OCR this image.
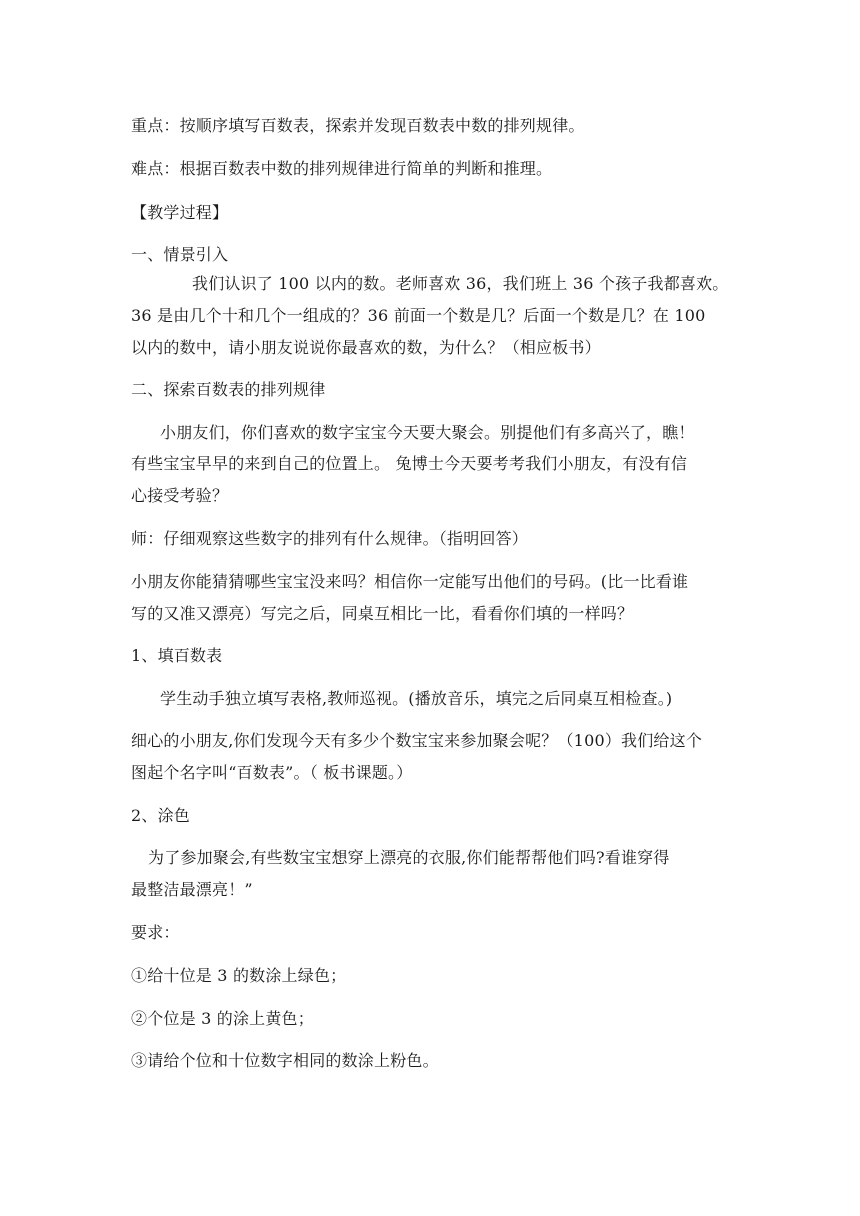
重点：按顺序填写百数表，探索并发现百数表中数的排列规律。
难点：根据百数表中数的排列规律进行简单的判断和推理。
【教学过程】
一、情景引入
我们认识了 100 以内的数。老师喜欢 36，我们班上 36 个孩子我都喜欢。
36 是由几个十和几个一组成的？36 前面一个数是几？后面一个数是几？在 100
以内的数中，请小朋友说说你最喜欢的数，为什么？（相应板书）
二、探索百数表的排列规律
小朋友们，你们喜欢的数字宝宝今天要大聚会。别提他们有多高兴了，瞧！
有些宝宝早早的来到自己的位置上。 兔博士今天要考考我们小朋友，有没有信
心接受考验？
师：仔细观察这些数字的排列有什么规律。（指明回答）
小朋友你能猜猜哪些宝宝没来吗？相信你一定能写出他们的号码。(比一比看谁
写的又准又漂亮）写完之后，同桌互相比一比，看看你们填的一样吗？
1、填百数表
学生动手独立填写表格,教师巡视。(播放音乐，填完之后同桌互相检查。)
细心的小朋友,你们发现今天有多少个数宝宝来参加聚会呢？（100）我们给这个
图起个名字叫“百数表”。（ 板书课题。）
2、涂色
为了参加聚会,有些数宝宝想穿上漂亮的衣服,你们能帮帮他们吗?看谁穿得
最整洁最漂亮！”
要求：
①给十位是 3 的数涂上绿色；
②个位是 3 的涂上黄色；
③请给个位和十位数字相同的数涂上粉色。
